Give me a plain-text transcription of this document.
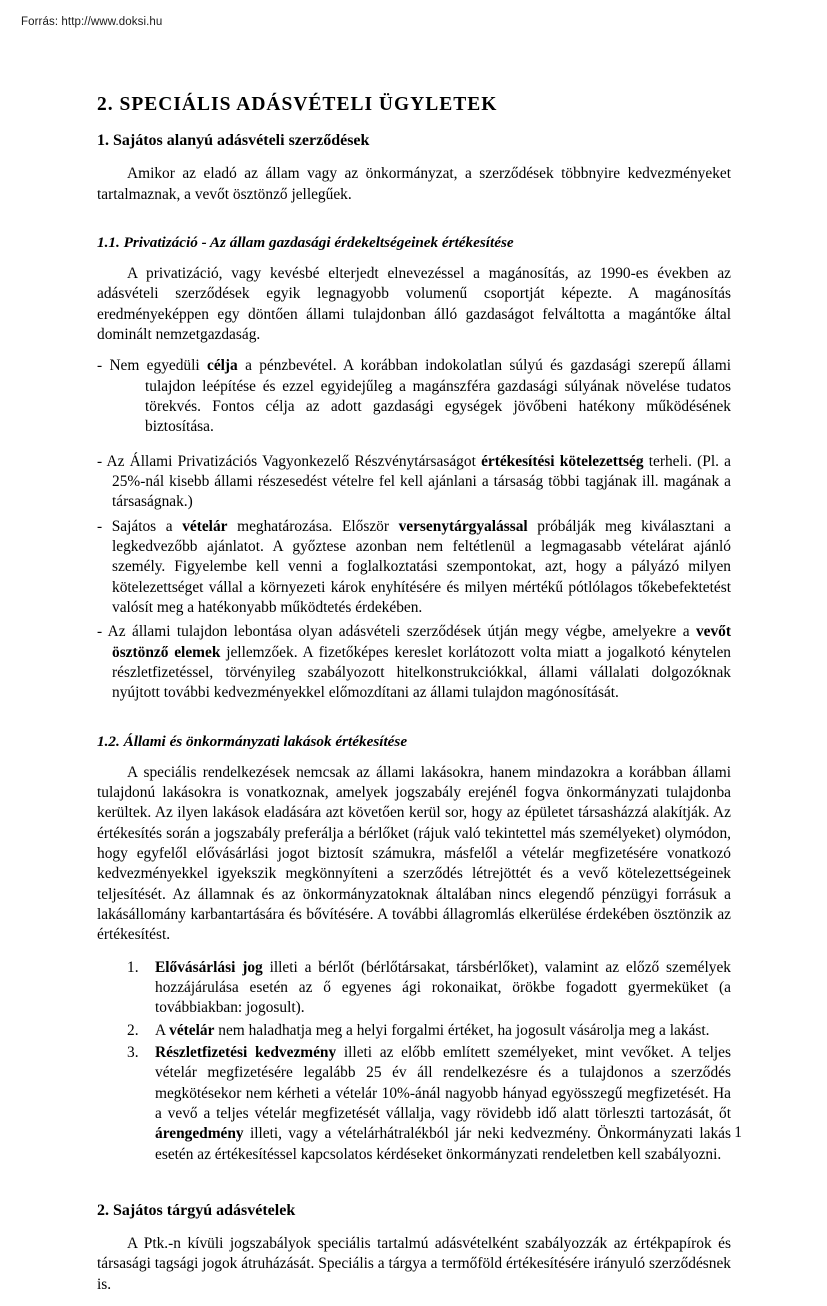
Forrás: http://www.doksi.hu
2. SPECIÁLIS ADÁSVÉTELI ÜGYLETEK
1. Sajátos alanyú adásvételi szerződések

Amikor az eladó az állam vagy az önkormányzat, a szerződések többnyire kedvezményeket tartalmaznak, a vevőt ösztönző jellegűek.

1.1. Privatizáció - Az állam gazdasági érdekeltségeinek értékesítése

A privatizáció, vagy kevésbé elterjedt elnevezéssel a magánosítás, az 1990-es években az adásvételi szerződések egyik legnagyobb volumenű csoportját képezte. A magánosítás eredményeképpen egy döntően állami tulajdonban álló gazdaságot felváltotta a magántőke által dominált nemzetgazdaság.

- Nem egyedüli célja a pénzbevétel. A korábban indokolatlan súlyú és gazdasági szerepű állami tulajdon leépítése és ezzel egyidejűleg a magánszféra gazdasági súlyának növelése tudatos törekvés. Fontos célja az adott gazdasági egységek jövőbeni hatékony működésének biztosítása.

- Az Állami Privatizációs Vagyonkezelő Részvénytársaságot értékesítési kötelezettség terheli. (Pl. a 25%-nál kisebb állami részesedést vételre fel kell ajánlani a társaság többi tagjának ill. magának a társaságnak.)

- Sajátos a vételár meghatározása. Először versenytárgyalással próbálják meg kiválasztani a legkedvezőbb ajánlatot. A győztese azonban nem feltétlenül a legmagasabb vételárat ajánló személy. Figyelembe kell venni a foglalkoztatási szempontokat, azt, hogy a pályázó milyen kötelezettséget vállal a környezeti károk enyhítésére és milyen mértékű pótlólagos tőkebefektetést valósít meg a hatékonyabb működtetés érdekében.

- Az állami tulajdon lebontása olyan adásvételi szerződések útján megy végbe, amelyekre a vevőt ösztönző elemek jellemzőek. A fizetőképes kereslet korlátozott volta miatt a jogalkotó kénytelen részletfizetéssel, törvényileg szabályozott hitelkonstrukciókkal, állami vállalati dolgozóknak nyújtott további kedvezményekkel előmozdítani az állami tulajdon magónosítását.

1.2. Állami és önkormányzati lakások értékesítése

A speciális rendelkezések nemcsak az állami lakásokra, hanem mindazokra a korábban állami tulajdonú lakásokra is vonatkoznak, amelyek jogszabály erejénél fogva önkormányzati tulajdonba kerültek. Az ilyen lakások eladására azt követően kerül sor, hogy az épületet társasházzá alakítják. Az értékesítés során a jogszabály preferálja a bérlőket (rájuk való tekintettel más személyeket) olymódon, hogy egyfelől elővásárlási jogot biztosít számukra, másfelől a vételár megfizetésére vonatkozó kedvezményekkel igyekszik megkönnyíteni a szerződés létrejöttét és a vevő kötelezettségeinek teljesítését. Az államnak és az önkormányzatoknak általában nincs elegendő pénzügyi forrásuk a lakásállomány karbantartására és bővítésére. A további állagromlás elkerülése érdekében ösztönzik az értékesítést.

Elővásárlási jog illeti a bérlőt (bérlőtársakat, társbérlőket), valamint az előző személyek hozzájárulása esetén az ő egyenes ági rokonaikat, örökbe fogadott gyermeküket (a továbbiakban: jogosult).
A vételár nem haladhatja meg a helyi forgalmi értéket, ha jogosult vásárolja meg a lakást.
Részletfizetési kedvezmény illeti az előbb említett személyeket, mint vevőket. A teljes vételár megfizetésére legalább 25 év áll rendelkezésre és a tulajdonos a szerződés megkötésekor nem kérheti a vételár 10%-ánál nagyobb hányad egyösszegű megfizetését. Ha a vevő a teljes vételár megfizetését vállalja, vagy rövidebb idő alatt törleszti tartozását, őt árengedmény illeti, vagy a vételárhátralékból jár neki kedvezmény. Önkormányzati lakás esetén az értékesítéssel kapcsolatos kérdéseket önkormányzati rendeletben kell szabályozni.
2. Sajátos tárgyú adásvételek

A Ptk.-n kívüli jogszabályok speciális tartalmú adásvételként szabályozzák az értékpapírok és társasági tagsági jogok átruházását. Speciális a tárgya a termőföld értékesítésére irányuló szerződésnek is.

1
